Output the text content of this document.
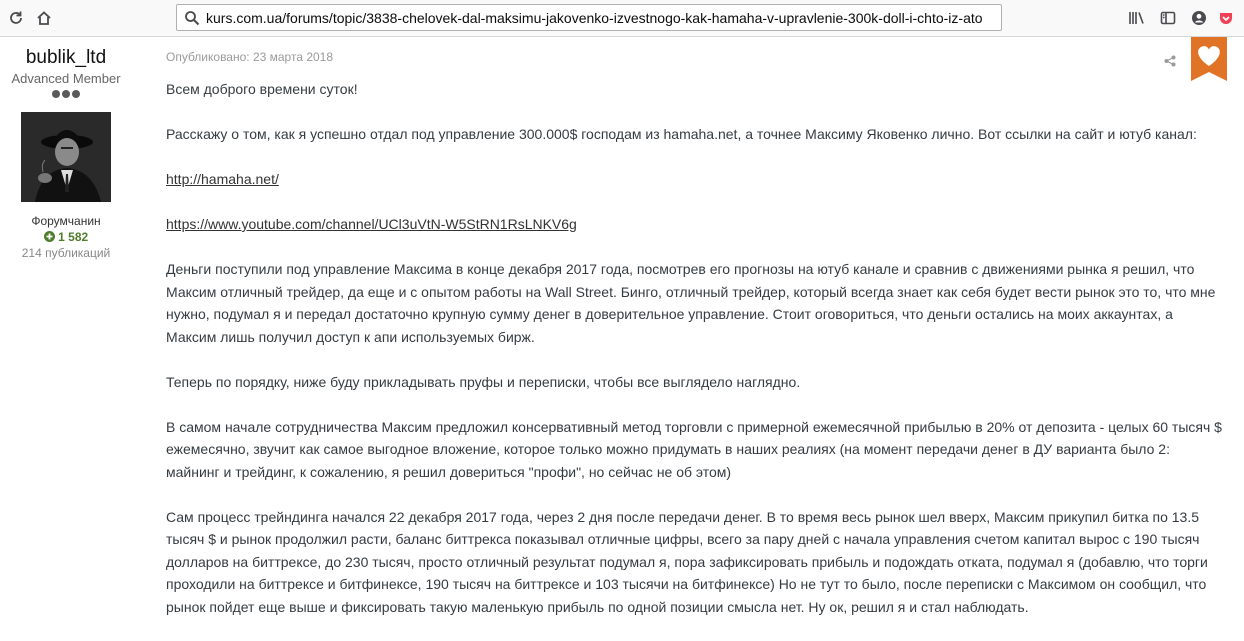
kurs.com.ua/forums/topic/3838-chelovek-dal-maksimu-jakovenko-izvestnogo-kak-hamaha-v-upravlenie-300k-doll-i-chto-iz-ato
bublik_ltd
Advanced Member
Форумчанин
1 582
214 публикаций
Опубликовано: 23 марта 2018

Всем доброго времени суток!

Расскажу о том, как я успешно отдал под управление 300.000$ господам из hamaha.net, а точнее Максиму Яковенко лично. Вот ссылки на сайт и ютуб канал:

http://hamaha.net/

https://www.youtube.com/channel/UCl3uVtN-W5StRN1RsLNKV6g

Деньги поступили под управление Максима в конце декабря 2017 года, посмотрев его прогнозы на ютуб канале и сравнив с движениями рынка я решил, что Максим отличный трейдер, да еще и с опытом работы на Wall Street. Бинго, отличный трейдер, который всегда знает как себя будет вести рынок это то, что мне нужно, подумал я и передал достаточно крупную сумму денег в доверительное управление. Стоит оговориться, что деньги остались на моих аккаунтах, а Максим лишь получил доступ к апи используемых бирж.

Теперь по порядку, ниже буду прикладывать пруфы и переписки, чтобы все выглядело наглядно.

В самом начале сотрудничества Максим предложил консервативный метод торговли с примерной ежемесячной прибылью в 20% от депозита - целых 60 тысяч $ ежемесячно, звучит как самое выгодное вложение, которое только можно придумать в наших реалиях (на момент передачи денег в ДУ варианта было 2: майнинг и трейдинг, к сожалению, я решил довериться "профи", но сейчас не об этом)

Сам процесс трейндинга начался 22 декабря 2017 года, через 2 дня после передачи денег. В то время весь рынок шел вверх, Максим прикупил битка по 13.5 тысяч $ и рынок продолжил расти, баланс биттрекса показывал отличные цифры, всего за пару дней с начала управления счетом капитал вырос с 190 тысяч долларов на биттрексе, до 230 тысяч, просто отличный результат подумал я, пора зафиксировать прибыль и подождать отката, подумал я (добавлю, что торги проходили на биттрексе и битфинексе, 190 тысяч на биттрексе и 103 тысячи на битфинексе) Но не тут то было, после переписки с Максимом он сообщил, что рынок пойдет еще выше и фиксировать такую маленькую прибыль по одной позиции смысла нет. Ну ок, решил я и стал наблюдать.
